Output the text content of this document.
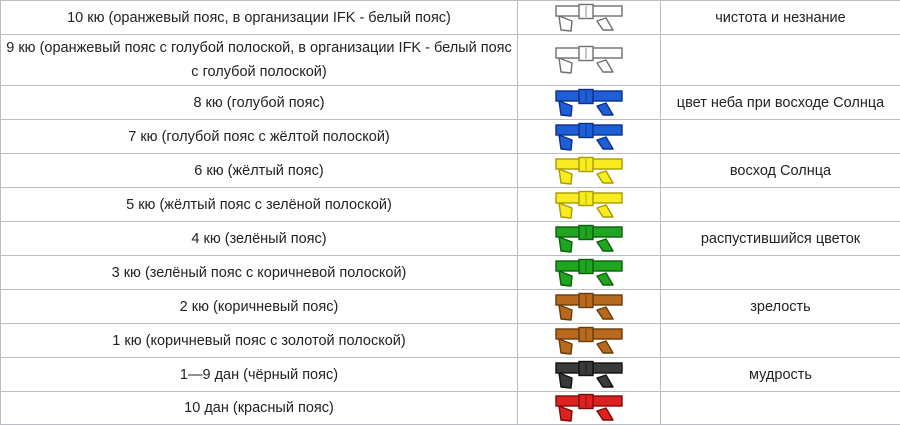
10 кю (оранжевый пояс, в организации IFK - белый пояс)		чистота и незнание
9 кю (оранжевый пояс с голубой полоской, в организации IFK - белый пояс с голубой полоской)	

8 кю (голубой пояс)		цвет неба при восходе Солнца
7 кю (голубой пояс с жёлтой полоской)	

6 кю (жёлтый пояс)		восход Солнца
5 кю (жёлтый пояс с зелёной полоской)	

4 кю (зелёный пояс)		распустившийся цветок
3 кю (зелёный пояс с коричневой полоской)	

2 кю (коричневый пояс)		зрелость
1 кю (коричневый пояс с золотой полоской)	

1—9 дан (чёрный пояс)		мудрость
10 дан (красный пояс)	
